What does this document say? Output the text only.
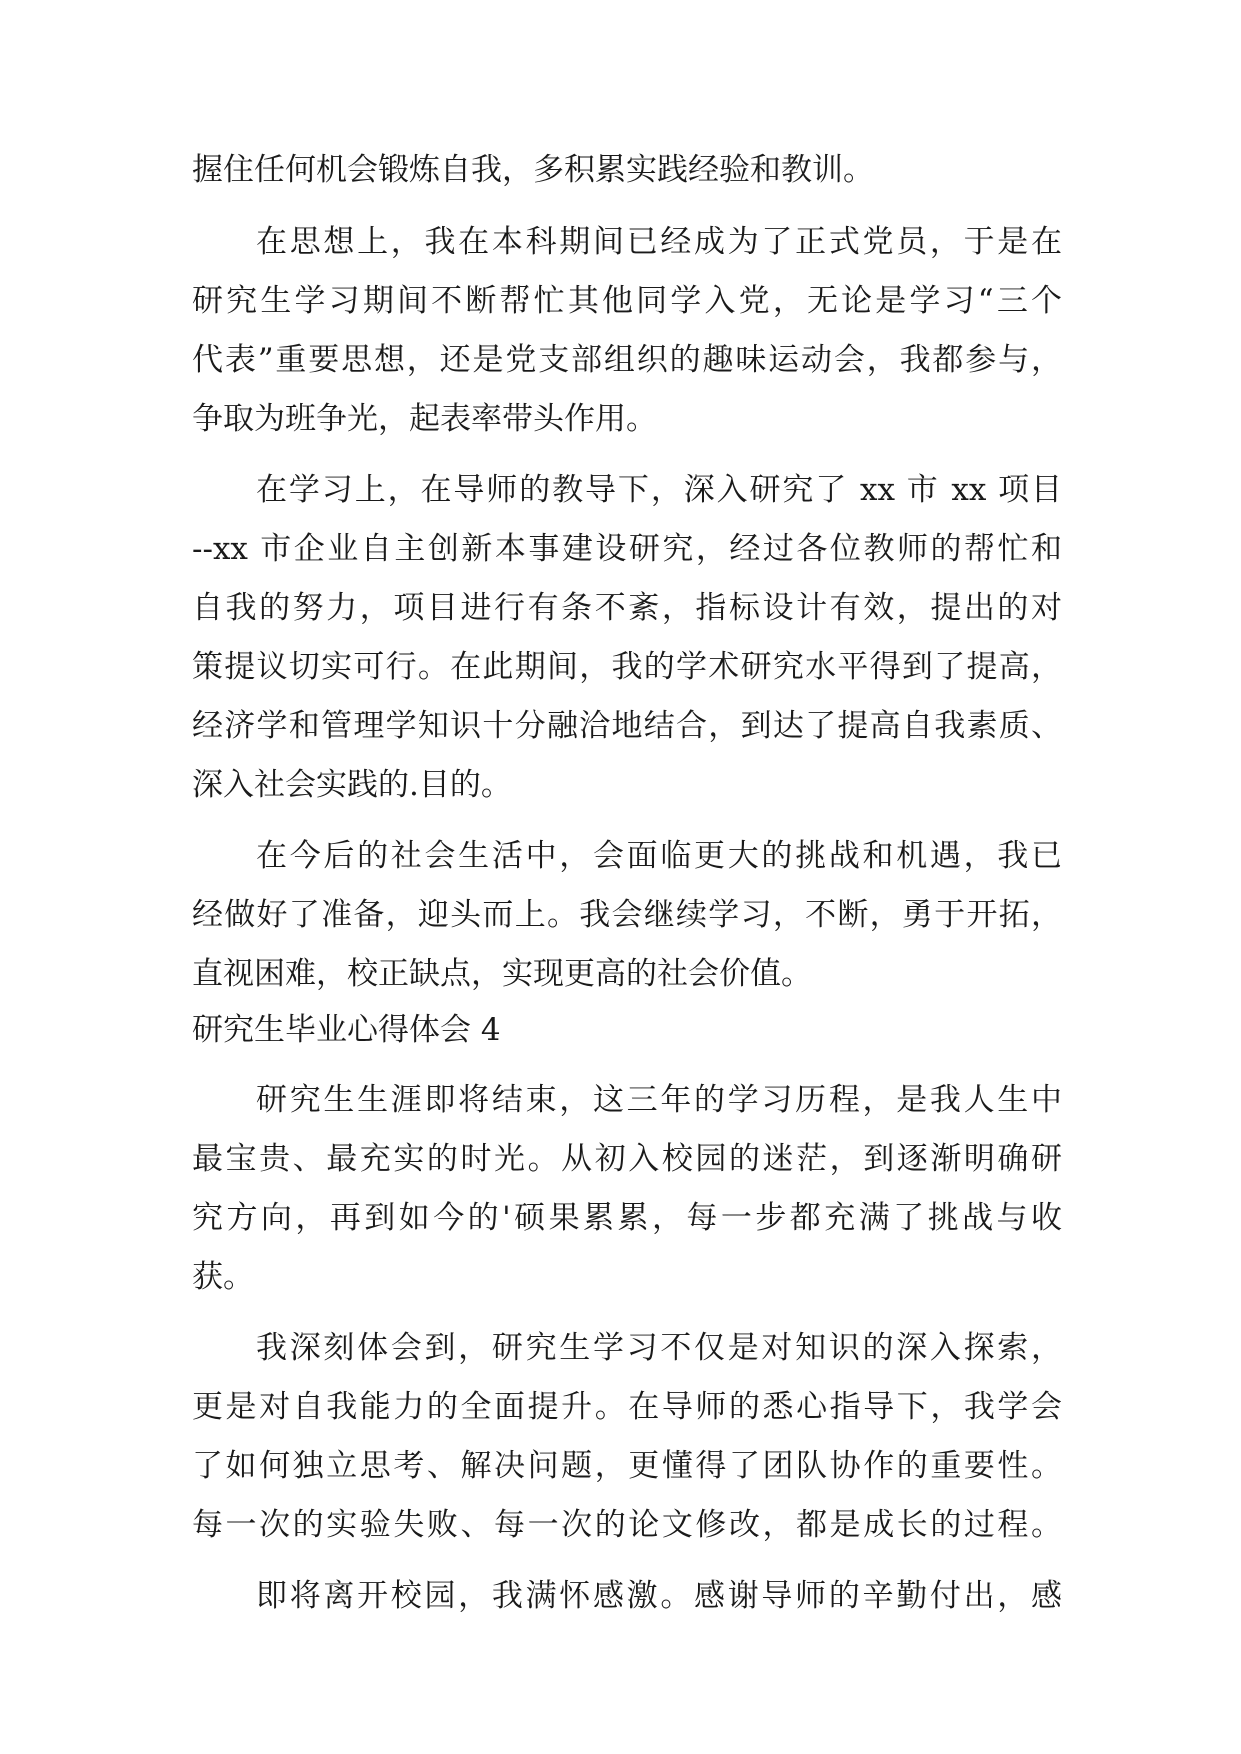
握住任何机会锻炼自我，多积累实践经验和教训。
在思想上，我在本科期间已经成为了正式党员，于是在
研究生学习期间不断帮忙其他同学入党，无论是学习“三个
代表”重要思想，还是党支部组织的趣味运动会，我都参与，
争取为班争光，起表率带头作用。
在学习上，在导师的教导下，深入研究了 xx 市 xx 项目
--xx 市企业自主创新本事建设研究，经过各位教师的帮忙和
自我的努力，项目进行有条不紊，指标设计有效，提出的对
策提议切实可行。在此期间，我的学术研究水平得到了提高，
经济学和管理学知识十分融洽地结合，到达了提高自我素质、
深入社会实践的.目的。
在今后的社会生活中，会面临更大的挑战和机遇，我已
经做好了准备，迎头而上。我会继续学习，不断，勇于开拓，
直视困难，校正缺点，实现更高的社会价值。
研究生毕业心得体会 4
研究生生涯即将结束，这三年的学习历程，是我人生中
最宝贵、最充实的时光。从初入校园的迷茫，到逐渐明确研
究方向，再到如今的'硕果累累，每一步都充满了挑战与收
获。
我深刻体会到，研究生学习不仅是对知识的深入探索，
更是对自我能力的全面提升。在导师的悉心指导下，我学会
了如何独立思考、解决问题，更懂得了团队协作的重要性。
每一次的实验失败、每一次的论文修改，都是成长的过程。
即将离开校园，我满怀感激。感谢导师的辛勤付出，感
